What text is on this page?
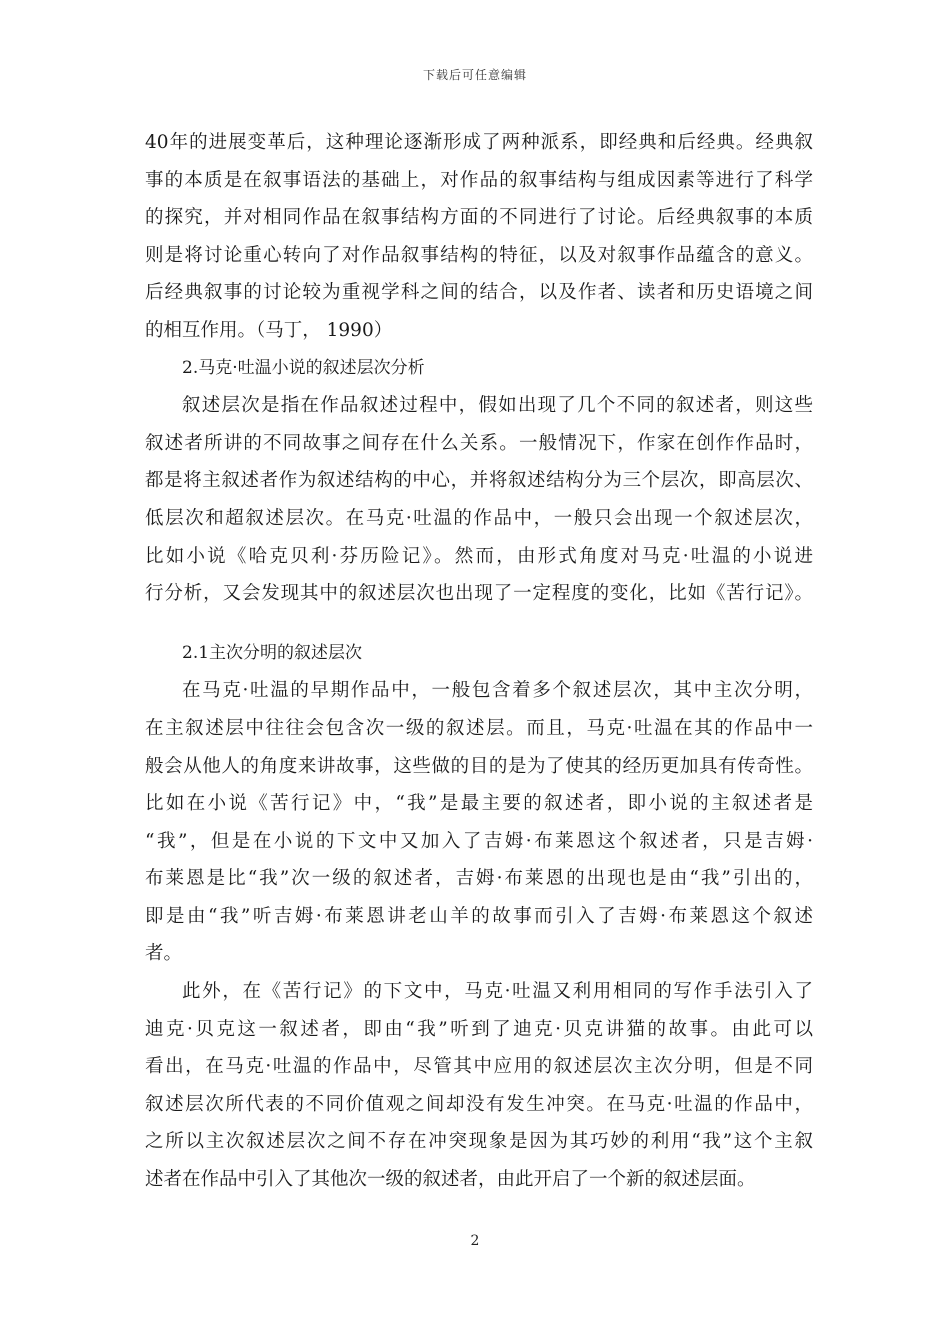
下载后可任意编辑
40年的进展变革后，这种理论逐渐形成了两种派系，即经典和后经典。经典叙
事的本质是在叙事语法的基础上，对作品的叙事结构与组成因素等进行了科学
的探究，并对相同作品在叙事结构方面的不同进行了讨论。后经典叙事的本质
则是将讨论重心转向了对作品叙事结构的特征，以及对叙事作品蕴含的意义。
后经典叙事的讨论较为重视学科之间的结合，以及作者、读者和历史语境之间
的相互作用。（马丁， 1990）
2.马克·吐温小说的叙述层次分析
叙述层次是指在作品叙述过程中，假如出现了几个不同的叙述者，则这些
叙述者所讲的不同故事之间存在什么关系。一般情况下，作家在创作作品时，
都是将主叙述者作为叙述结构的中心，并将叙述结构分为三个层次，即高层次、
低层次和超叙述层次。在马克·吐温的作品中，一般只会出现一个叙述层次，
比如小说《哈克贝利·芬历险记》。然而，由形式角度对马克·吐温的小说进
行分析，又会发现其中的叙述层次也出现了一定程度的变化，比如《苦行记》。
2.1主次分明的叙述层次
在马克·吐温的早期作品中，一般包含着多个叙述层次，其中主次分明，
在主叙述层中往往会包含次一级的叙述层。而且，马克·吐温在其的作品中一
般会从他人的角度来讲故事，这些做的目的是为了使其的经历更加具有传奇性。
比如在小说《苦行记》中，“我”是最主要的叙述者，即小说的主叙述者是
“我”，但是在小说的下文中又加入了吉姆·布莱恩这个叙述者，只是吉姆·
布莱恩是比“我”次一级的叙述者，吉姆·布莱恩的出现也是由“我”引出的，
即是由“我”听吉姆·布莱恩讲老山羊的故事而引入了吉姆·布莱恩这个叙述
者。
此外，在《苦行记》的下文中，马克·吐温又利用相同的写作手法引入了
迪克·贝克这一叙述者，即由“我”听到了迪克·贝克讲猫的故事。由此可以
看出，在马克·吐温的作品中，尽管其中应用的叙述层次主次分明，但是不同
叙述层次所代表的不同价值观之间却没有发生冲突。在马克·吐温的作品中，
之所以主次叙述层次之间不存在冲突现象是因为其巧妙的利用“我”这个主叙
述者在作品中引入了其他次一级的叙述者，由此开启了一个新的叙述层面。
2
